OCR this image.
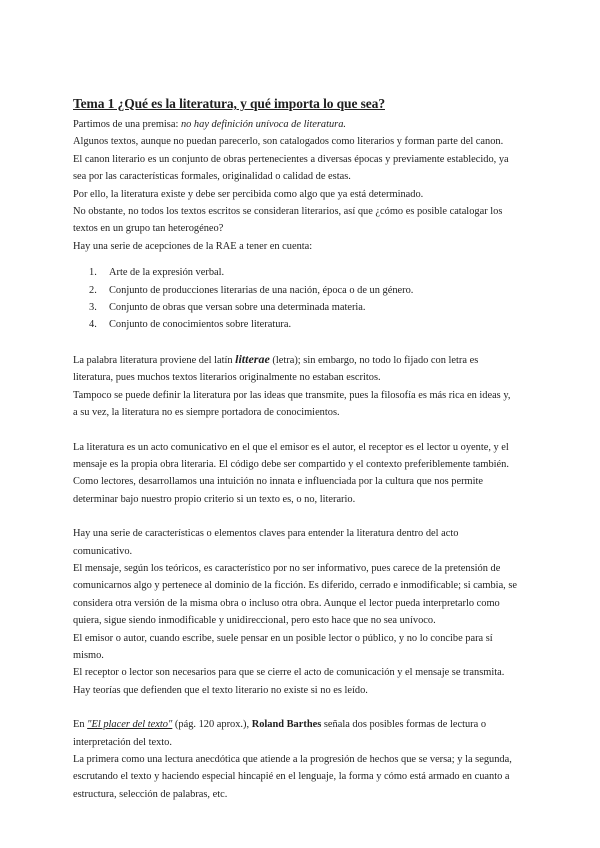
Tema 1 ¿Qué es la literatura, y qué importa lo que sea?

Partimos de una premisa: no hay definición unívoca de literatura.

Algunos textos, aunque no puedan parecerlo, son catalogados como literarios y forman parte del canon.

El canon literario es un conjunto de obras pertenecientes a diversas épocas y previamente establecido, ya

sea por las características formales, originalidad o calidad de estas.

Por ello, la literatura existe y debe ser percibida como algo que ya está determinado.

No obstante, no todos los textos escritos se consideran literarios, así que ¿cómo es posible catalogar los

textos en un grupo tan heterogéneo?

Hay una serie de acepciones de la RAE a tener en cuenta:

1. Arte de la expresión verbal.
2. Conjunto de producciones literarias de una nación, época o de un género.
3. Conjunto de obras que versan sobre una determinada materia.
4. Conjunto de conocimientos sobre literatura.

La palabra literatura proviene del latín litterae (letra); sin embargo, no todo lo fijado con letra es

literatura, pues muchos textos literarios originalmente no estaban escritos.

Tampoco se puede definir la literatura por las ideas que transmite, pues la filosofía es más rica en ideas y,

a su vez, la literatura no es siempre portadora de conocimientos.

La literatura es un acto comunicativo en el que el emisor es el autor, el receptor es el lector u oyente, y el

mensaje es la propia obra literaria. El código debe ser compartido y el contexto preferiblemente también.

Como lectores, desarrollamos una intuición no innata e influenciada por la cultura que nos permite

determinar bajo nuestro propio criterio si un texto es, o no, literario.

Hay una serie de características o elementos claves para entender la literatura dentro del acto

comunicativo.

El mensaje, según los teóricos, es característico por no ser informativo, pues carece de la pretensión de

comunicarnos algo y pertenece al dominio de la ficción. Es diferido, cerrado e inmodificable; si cambia, se

considera otra versión de la misma obra o incluso otra obra. Aunque el lector pueda interpretarlo como

quiera, sigue siendo inmodificable y unidireccional, pero esto hace que no sea unívoco.

El emisor o autor, cuando escribe, suele pensar en un posible lector o público, y no lo concibe para sí

mismo.

El receptor o lector son necesarios para que se cierre el acto de comunicación y el mensaje se transmita.

Hay teorías que defienden que el texto literario no existe si no es leído.

En "El placer del texto" (pág. 120 aprox.), Roland Barthes señala dos posibles formas de lectura o

interpretación del texto.

La primera como una lectura anecdótica que atiende a la progresión de hechos que se versa; y la segunda,

escrutando el texto y haciendo especial hincapié en el lenguaje, la forma y cómo está armado en cuanto a

estructura, selección de palabras, etc.
